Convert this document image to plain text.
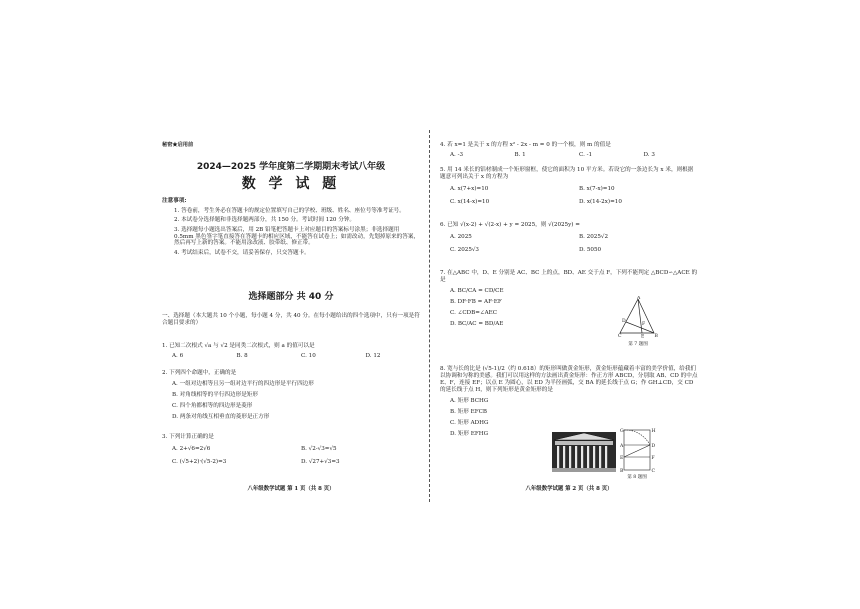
秘密★启用前
2024—2025 学年度第二学期期末考试八年级
数 学 试 题

注意事项:

1. 答卷前，考生务必在答题卡的规定位置填写自己的学校、班级、姓名、座位号等准考证号。

2. 本试卷分选择题和非选择题两部分，共 150 分。考试时间 120 分钟。

3. 选择题每小题选出答案后，用 2B 铅笔把答题卡上对应题目的答案标号涂黑；非选择题用 0.5mm 黑色签字笔直接答在答题卡的相应区域，不能答在试卷上；如需改动，先划掉原来的答案，然后再写上新的答案。不能用涂改液、胶带纸、修正带。

4. 考试结束后，试卷不交，请妥善保存，只交答题卡。

选择题部分 共 40 分
一、选择题（本大题共 10 个小题，每小题 4 分，共 40 分。在每小题给出的四个选项中，只有一项是符合题目要求的）

1. 已知二次根式 √a 与 √2 是同类二次根式，则 a 的值可以是

A. 6	B. 8	C. 10	D. 12

2. 下列四个命题中，正确的是

A. 一组对边相等且另一组对边平行的四边形是平行四边形
B. 对角线相等的平行四边形是矩形
C. 四个角都相等的四边形是菱形
D. 两条对角线互相垂直的菱形是正方形

3. 下列计算正确的是

A. 2+√6=2√6	B. √2-√3=√5
C. (√5+2)·(√5-2)=3	D. √27+√3=3
八年级数学试题 第 1 页（共 8 页）

4. 若 x=1 是关于 x 的方程 x² - 2x - m = 0 的一个根，则 m 的值是

A. -3	B. 1	C. -1	D. 3

5. 用 14 米长的铝材制成一个矩形窗框，使它的面积为 10 平方米。若设它的一条边长为 x 米，则根据题意可列出关于 x 的方程为

A. x(7+x)=10	B. x(7-x)=10
C. x(14-x)=10	D. x(14-2x)=10

6. 已知 √(x-2) + √(2-x) + y = 2025，则 √(2025y) =

A. 2025	B. 2025√2
C. 2025√3	D. 5050

7. 在△ABC 中，D、E 分别是 AC、BC 上的点，BD、AE 交于点 F，下列不能判定 △BCD∽△ACE 的是

A. BC/CA = CD/CE
B. DF·FB = AF·EF
C. ∠CDB=∠AEC
D. BC/AC = BD/AE
A
B
C
D
E
F
第 7 题图

8. 宽与长的比是 (√5-1)/2（约 0.618）的矩形叫做黄金矩形，黄金矩形蕴藏着丰富的美学价值，给我们以协调和匀称的美感。我们可以用这样的方法画出黄金矩形：作正方形 ABCD，分别取 AB、CD 的中点 E、F，连接 EF；以点 E 为圆心，以 ED 为半径画弧，交 BA 的延长线于点 G；作 GH⊥CD，交 CD 的延长线于点 H，则下列矩形是黄金矩形的是

A. 矩形 BCHG
B. 矩形 EFCB
C. 矩形 ADHG
D. 矩形 EFHG	G	H
A	D
E	F
B	C
第 8 题图
八年级数学试题 第 2 页（共 8 页）
